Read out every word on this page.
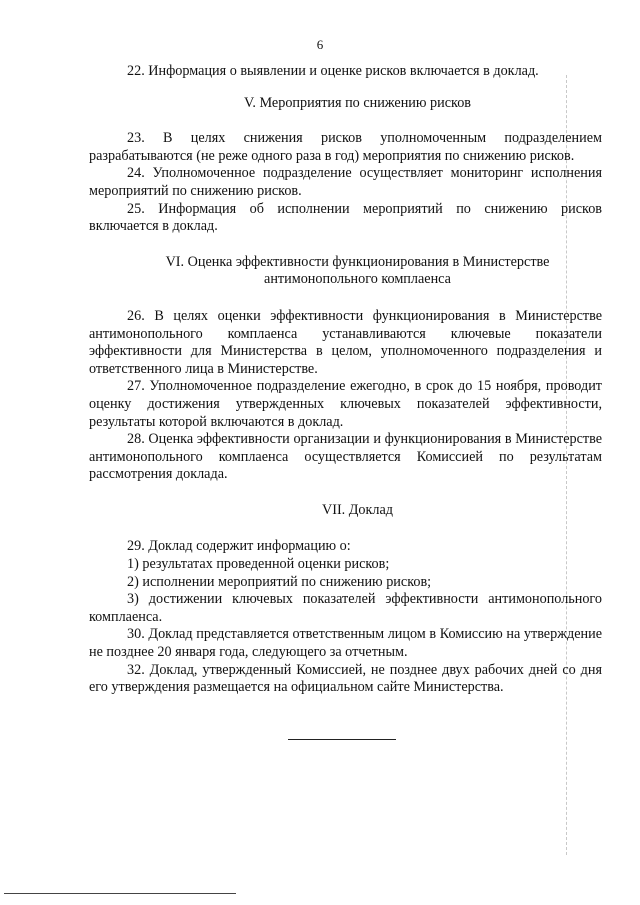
6

22. Информация о выявлении и оценке рисков включается в доклад.

V. Мероприятия по снижению рисков

23. В целях снижения рисков уполномоченным подразделением разрабатываются (не реже одного раза в год) мероприятия по снижению рисков.

24. Уполномоченное подразделение осуществляет мониторинг исполнения мероприятий по снижению рисков.

25. Информация об исполнении мероприятий по снижению рисков включается в доклад.

VI. Оценка эффективности функционирования в Министерстве
антимонопольного комплаенса

26. В целях оценки эффективности функционирования в Министерстве антимонопольного комплаенса устанавливаются ключевые показатели эффективности для Министерства в целом, уполномоченного подразделения и ответственного лица в Министерстве.

27. Уполномоченное подразделение ежегодно, в срок до 15 ноября, проводит оценку достижения утвержденных ключевых показателей эффективности, результаты которой включаются в доклад.

28. Оценка эффективности организации и функционирования в Министерстве антимонопольного комплаенса осуществляется Комиссией по результатам рассмотрения доклада.

VII. Доклад

29. Доклад содержит информацию о:

1) результатах проведенной оценки рисков;

2) исполнении мероприятий по снижению рисков;

3) достижении ключевых показателей эффективности антимонопольного комплаенса.

30. Доклад представляется ответственным лицом в Комиссию на утверждение не позднее 20 января года, следующего за отчетным.

32. Доклад, утвержденный Комиссией, не позднее двух рабочих дней со дня его утверждения размещается на официальном сайте Министерства.
